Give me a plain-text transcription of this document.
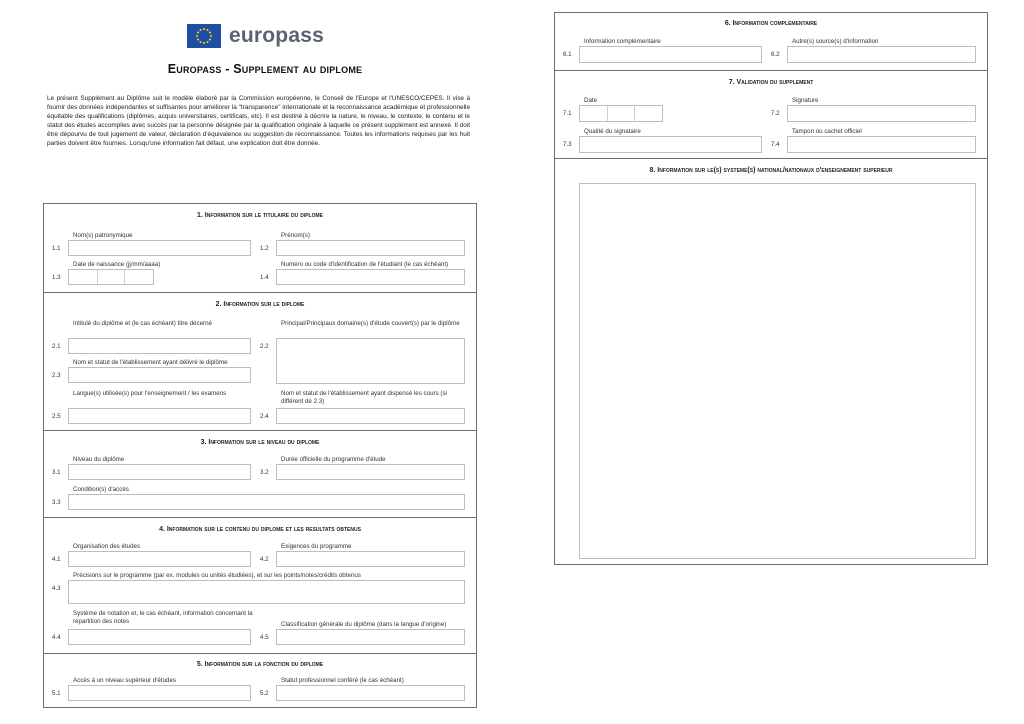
europass
Europass - Supplement au diplome
Le présent Supplément au Diplôme suit le modèle élaboré par la Commission européenne, le Conseil de l'Europe et l'UNESCO/CEPES. Il vise à fournir des données indépendantes et suffisantes pour améliorer la "transparence" internationale et la reconnaissance académique et professionnelle équitable des qualifications (diplômes, acquis universitaires, certificats, etc). Il est destiné à décrire la nature, le niveau, le contexte, le contenu et le statut des études accomplies avec succès par la personne désignée par la qualification originale à laquelle ce présent supplément est annexé. Il doit être dépourvu de tout jugement de valeur, déclaration d'équivalence ou suggestion de reconnaissance. Toutes les informations requises par les huit parties doivent être fournies. Lorsqu'une information fait défaut, une explication doit être donnée.
1. Information sur le titulaire du diplome
Nom(s) patronymique
1.1
Prénom(s)
1.2
Date de naissance (jj/mm/aaaa)
1.3
Numéro ou code d'identification de l'étudiant (le cas échéant)
1.4
2. Information sur le diplome
Intitulé du diplôme et (le cas échéant) titre décerné
2.1
Principal/Principaux domaine(s) d'étude couvert(s) par le diplôme
2.2
Nom et statut de l'établissement ayant délivré le diplôme
2.3
Langue(s) utilisée(s) pour l'enseignement / les examens
2.5
Nom et statut de l'établissement ayant dispensé les cours (si différent de 2.3)
2.4
3. Information sur le niveau du diplome
Niveau du diplôme
3.1
Durée officielle du programme d'étude
3.2
Condition(s) d'accès
3.3
4. Information sur le contenu du diplome et les resultats obtenus
Organisation des études
4.1
Exigences du programme
4.2
Précisions sur le programme (par ex. modules ou unités étudiées), et sur les points/notes/crédits obtenus
4.3
Système de notation et, le cas échéant, information concernant la répartition des notes
4.4
Classification générale du diplôme (dans la langue d'origine)
4.5
5. Information sur la fonction du diplome
Accès à un niveau supérieur d'études
5.1
Statut professionnel conféré (le cas échéant)
5.2
6. Information complementaire
Information complémentaire
6.1
Autre(s) source(s) d'information
6.2
7. Validation du supplement
Date
7.1
Signature
7.2
Qualité du signataire
7.3
Tampon ou cachet officiel
7.4
8. Information sur le(s) systeme(s) national/nationaux d'enseignement superieur
